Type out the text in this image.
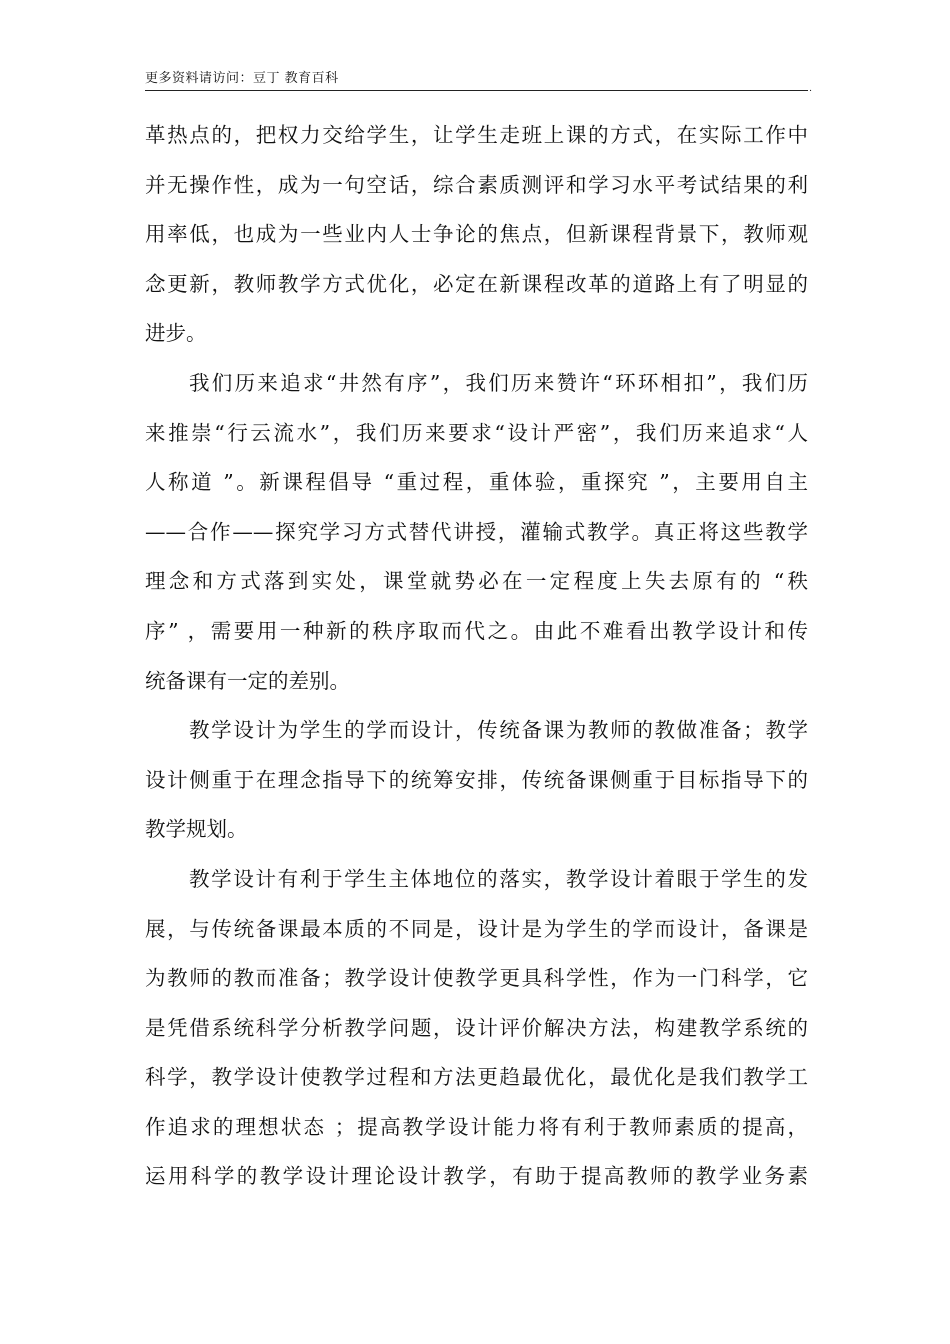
更多资料请访问：豆丁 教育百科
.
革热点的，把权力交给学生，让学生走班上课的方式，在实际工作中
并无操作性，成为一句空话，综合素质测评和学习水平考试结果的利
用率低，也成为一些业内人士争论的焦点，但新课程背景下，教师观
念更新，教师教学方式优化，必定在新课程改革的道路上有了明显的
进步。
我们历来追求“井然有序”，我们历来赞许“环环相扣”，我们历
来推崇“行云流水”，我们历来要求“设计严密”，我们历来追求“人
人称道 ”。新课程倡导 “重过程，重体验，重探究 ”，主要用自主
——合作——探究学习方式替代讲授，灌输式教学。真正将这些教学
理念和方式落到实处，课堂就势必在一定程度上失去原有的 “秩
序” ，需要用一种新的秩序取而代之。由此不难看出教学设计和传
统备课有一定的差别。
教学设计为学生的学而设计，传统备课为教师的教做准备；教学
设计侧重于在理念指导下的统筹安排，传统备课侧重于目标指导下的
教学规划。
教学设计有利于学生主体地位的落实，教学设计着眼于学生的发
展，与传统备课最本质的不同是，设计是为学生的学而设计，备课是
为教师的教而准备；教学设计使教学更具科学性，作为一门科学，它
是凭借系统科学分析教学问题，设计评价解决方法，构建教学系统的
科学，教学设计使教学过程和方法更趋最优化，最优化是我们教学工
作追求的理想状态 ；提高教学设计能力将有利于教师素质的提高，
运用科学的教学设计理论设计教学，有助于提高教师的教学业务素
